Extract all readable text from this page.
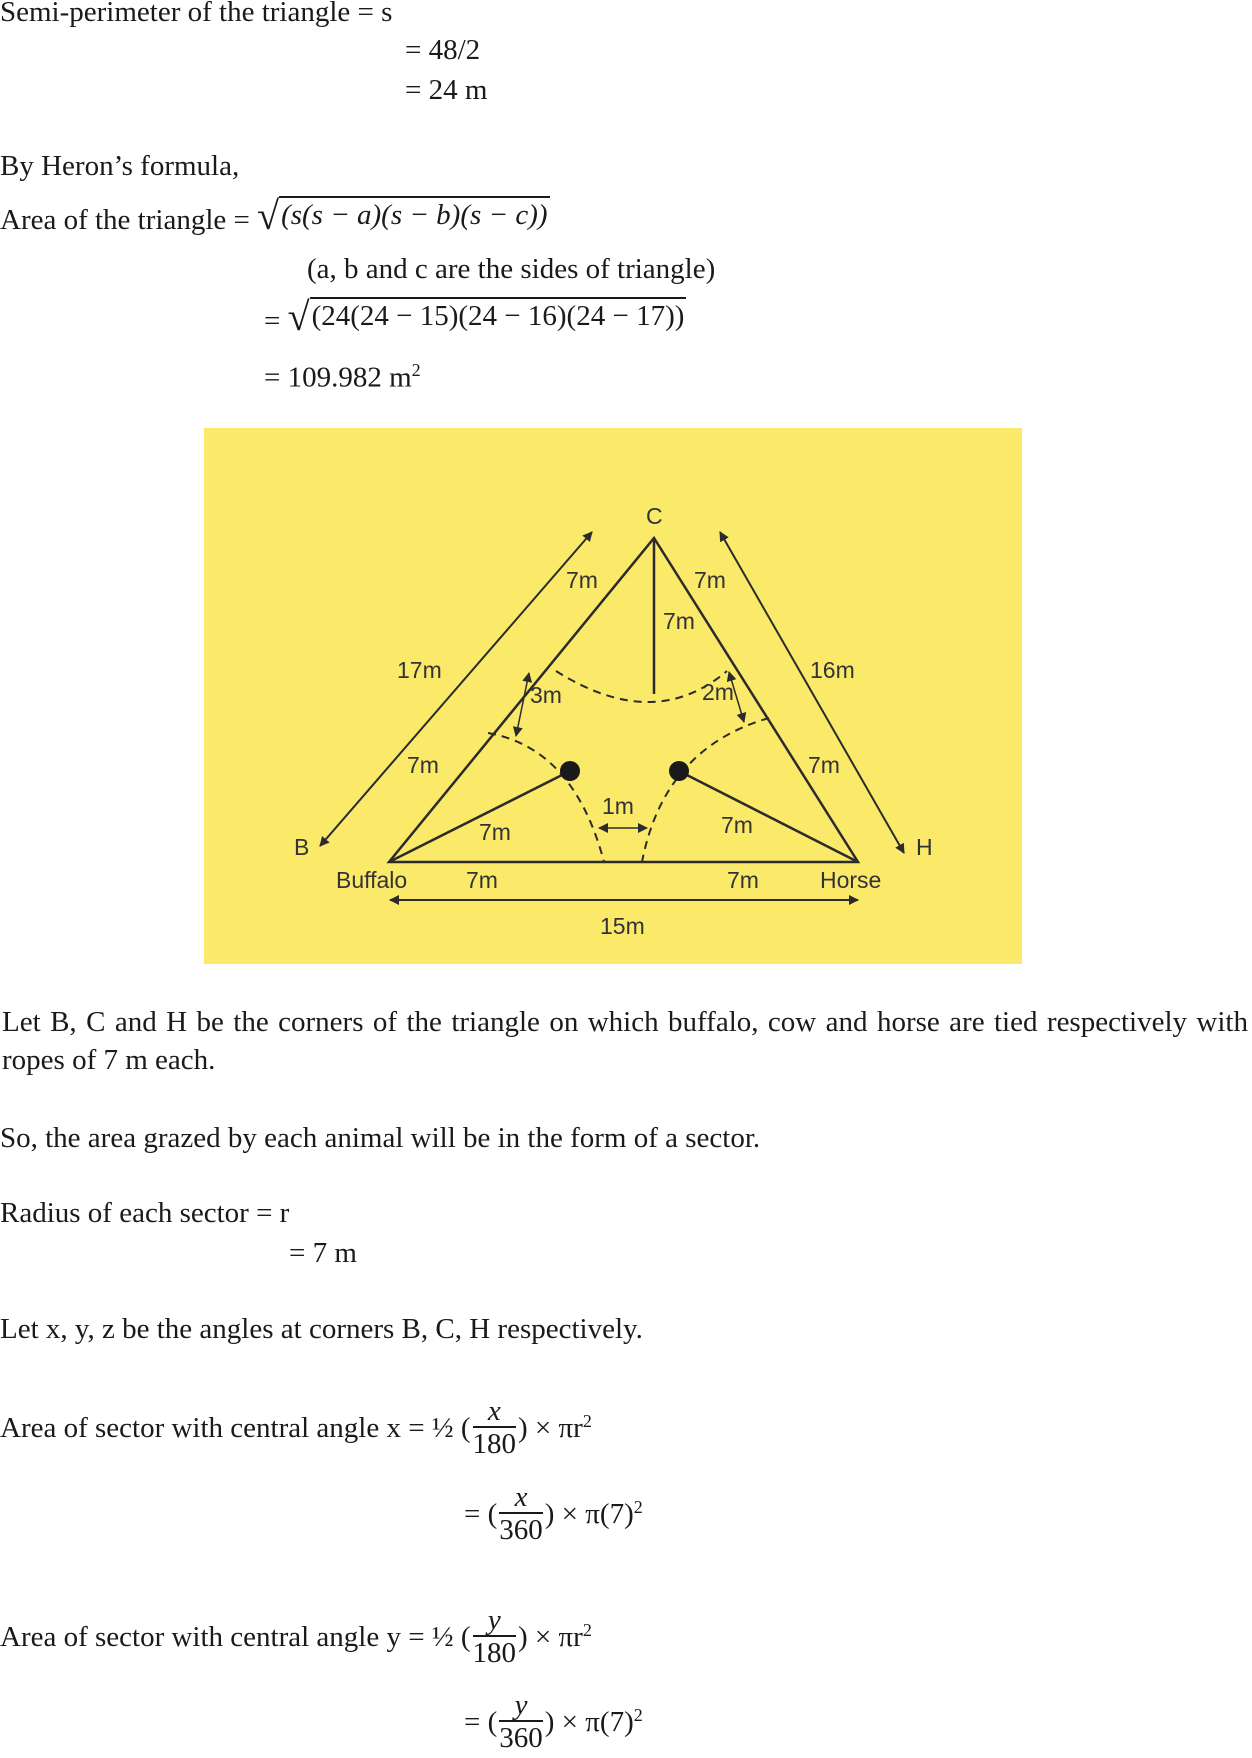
Semi-perimeter of the triangle = s
= 48/2
= 24 m
By Heron’s formula,
Area of the triangle = √ (s(s − a)(s − b)(s − c))
(a, b and c are the sides of triangle)
= √ (24(24 − 15)(24 − 16)(24 − 17))
= 109.982 $m^2$
C
B	H
Buffalo	Horse
7m	7m
7m
17m	16m
3m	2m
7m	7m
1m
7m	7m
7m	7m
15m
Let B, C and H be the corners of the triangle on which buffalo, cow and horse are tied respectively with ropes of 7 m each.
So, the area grazed by each animal will be in the form of a sector.
Radius of each sector = r
= 7 m
Let x, y, z be the angles at corners B, C, H respectively.
Area of sector with central angle x = ½ ( $\frac{x}{180}$ ) × $\pi r^2$
= ( $\frac{x}{360}$ ) × $\pi(7)^2$
Area of sector with central angle y = ½ ( $\frac{y}{180}$ ) × $\pi r^2$
= ( $\frac{y}{360}$ ) × $\pi(7)^2$
